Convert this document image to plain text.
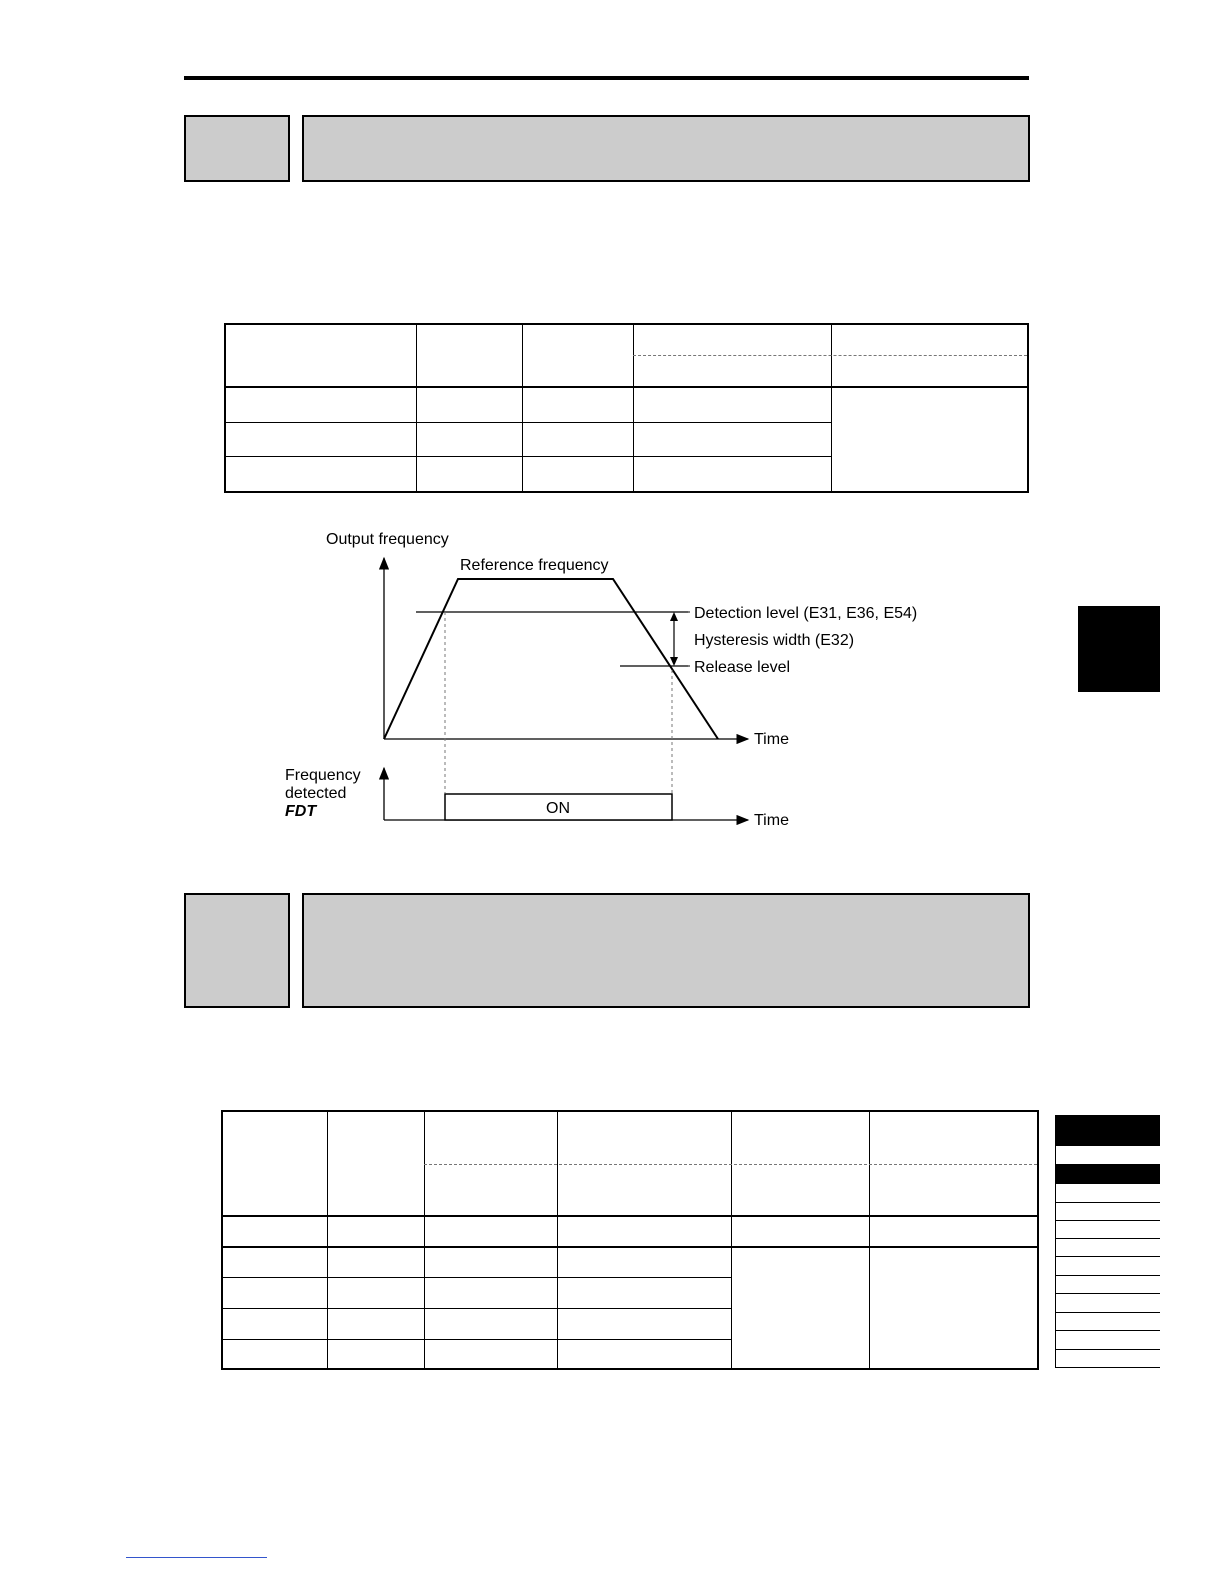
Output frequency
Reference frequency
Detection level (E31, E36, E54)
Hysteresis width (E32)
Release level
Time
Frequency
detected
FDT	ON
Time
